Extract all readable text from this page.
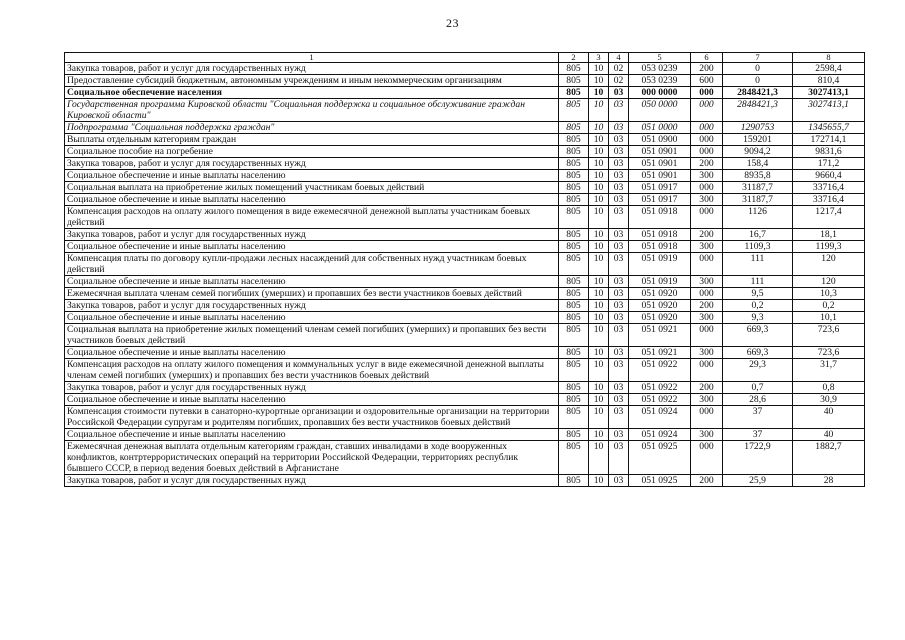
23
1	2	3	4	5	6	7	8
Закупка товаров, работ и услуг для государственных нужд	805	10	02	053 0239	200	0	2598,4
Предоставление субсидий бюджетным, автономным учреждениям и иным некоммерческим организациям	805	10	02	053 0239	600	0	810,4
Социальное обеспечение населения	805	10	03	000 0000	000	2848421,3	3027413,1
Государственная программа Кировской области "Социальная поддержка и социальное обслуживание граждан Кировской области"	805	10	03	050 0000	000	2848421,3	3027413,1
Подпрограмма "Социальная поддержка граждан"	805	10	03	051 0000	000	1290753	1345655,7
Выплаты отдельным категориям граждан	805	10	03	051 0900	000	159201	172714,1
Социальное пособие на погребение	805	10	03	051 0901	000	9094,2	9831,6
Закупка товаров, работ и услуг для государственных нужд	805	10	03	051 0901	200	158,4	171,2
Социальное обеспечение и иные выплаты населению	805	10	03	051 0901	300	8935,8	9660,4
Социальная выплата на приобретение жилых помещений участникам боевых действий	805	10	03	051 0917	000	31187,7	33716,4
Социальное обеспечение и иные выплаты населению	805	10	03	051 0917	300	31187,7	33716,4
Компенсация расходов на оплату жилого помещения в виде ежемесячной денежной выплаты участникам боевых действий	805	10	03	051 0918	000	1126	1217,4
Закупка товаров, работ и услуг для государственных нужд	805	10	03	051 0918	200	16,7	18,1
Социальное обеспечение и иные выплаты населению	805	10	03	051 0918	300	1109,3	1199,3
Компенсация платы по договору купли-продажи лесных насаждений для собственных нужд участникам боевых действий	805	10	03	051 0919	000	111	120
Социальное обеспечение и иные выплаты населению	805	10	03	051 0919	300	111	120
Ежемесячная выплата членам семей погибших (умерших) и пропавших без вести участников боевых действий	805	10	03	051 0920	000	9,5	10,3
Закупка товаров, работ и услуг для государственных нужд	805	10	03	051 0920	200	0,2	0,2
Социальное обеспечение и иные выплаты населению	805	10	03	051 0920	300	9,3	10,1
Социальная выплата на приобретение жилых помещений членам семей погибших (умерших) и пропавших без вести участников боевых действий	805	10	03	051 0921	000	669,3	723,6
Социальное обеспечение и иные выплаты населению	805	10	03	051 0921	300	669,3	723,6
Компенсация расходов на оплату жилого помещения и коммунальных услуг в виде ежемесячной денежной выплаты членам семей погибших (умерших) и пропавших без вести участников боевых действий	805	10	03	051 0922	000	29,3	31,7
Закупка товаров, работ и услуг для государственных нужд	805	10	03	051 0922	200	0,7	0,8
Социальное обеспечение и иные выплаты населению	805	10	03	051 0922	300	28,6	30,9
Компенсация стоимости путевки в санаторно-курортные организации и оздоровительные организации на территории Российской Федерации супругам и родителям погибших, пропавших без вести участников боевых действий	805	10	03	051 0924	000	37	40
Социальное обеспечение и иные выплаты населению	805	10	03	051 0924	300	37	40
Ежемесячная денежная выплата отдельным категориям граждан, ставших инвалидами в ходе вооруженных конфликтов, контртеррористических операций на территории Российской Федерации, территориях республик бывшего СССР, в период ведения боевых действий в Афганистане	805	10	03	051 0925	000	1722,9	1882,7
Закупка товаров, работ и услуг для государственных нужд	805	10	03	051 0925	200	25,9	28
